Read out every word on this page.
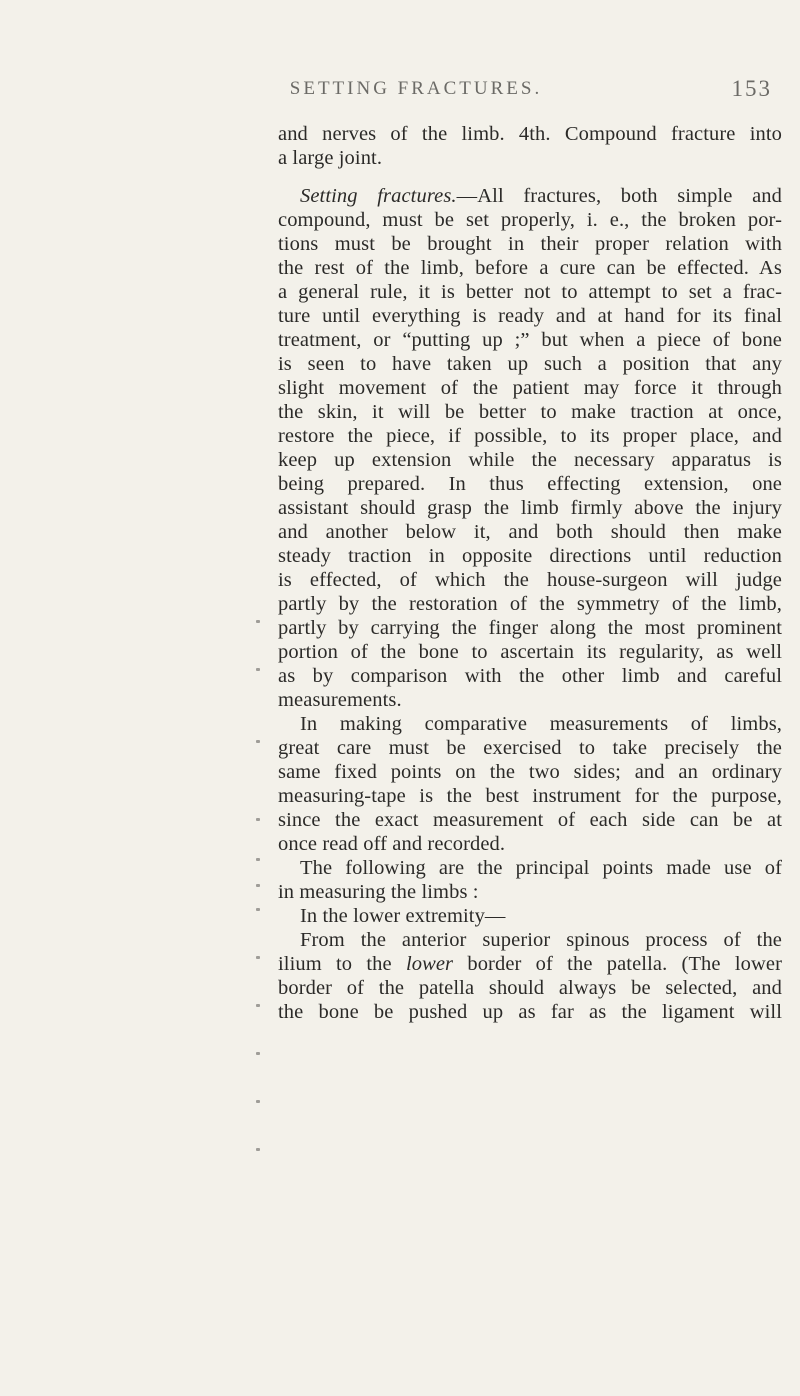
SETTING FRACTURES.	153
and nerves of the limb. 4th. Compound fracture into
a large joint.
Setting fractures.—All fractures, both simple and
compound, must be set properly, i. e., the broken por-
tions must be brought in their proper relation with
the rest of the limb, before a cure can be effected. As
a general rule, it is better not to attempt to set a frac-
ture until everything is ready and at hand for its final
treatment, or “putting up ;” but when a piece of bone
is seen to have taken up such a position that any
slight movement of the patient may force it through
the skin, it will be better to make traction at once,
restore the piece, if possible, to its proper place, and
keep up extension while the necessary apparatus is
being prepared. In thus effecting extension, one
assistant should grasp the limb firmly above the injury
and another below it, and both should then make
steady traction in opposite directions until reduction
is effected, of which the house-surgeon will judge
partly by the restoration of the symmetry of the limb,
partly by carrying the finger along the most prominent
portion of the bone to ascertain its regularity, as well
as by comparison with the other limb and careful
measurements.
In making comparative measurements of limbs,
great care must be exercised to take precisely the
same fixed points on the two sides; and an ordinary
measuring-tape is the best instrument for the purpose,
since the exact measurement of each side can be at
once read off and recorded.
The following are the principal points made use of
in measuring the limbs :
In the lower extremity—
From the anterior superior spinous process of the
ilium to the lower border of the patella. (The lower
border of the patella should always be selected, and
the bone be pushed up as far as the ligament will
